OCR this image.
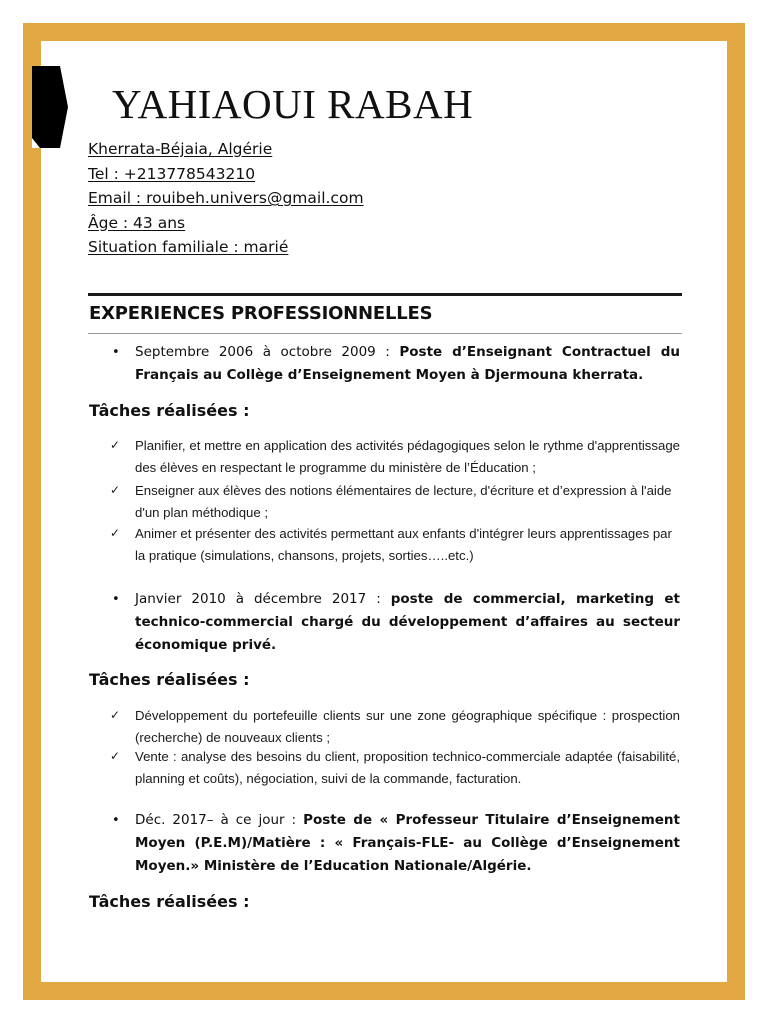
YAHIAOUI RABAH
Kherrata-Béjaia, Algérie
Tel : +213778543210
Email : rouibeh.univers@gmail.com
Âge : 43 ans
Situation familiale : marié
EXPERIENCES PROFESSIONNELLES
• Septembre 2006 à octobre 2009 : Poste d’Enseignant Contractuel du Français au Collège d’Enseignement Moyen à Djermouna kherrata.
Tâches réalisées :
✓ Planifier, et mettre en application des activités pédagogiques selon le rythme d'apprentissage des élèves en respectant le programme du ministère de l’Éducation ;
✓ Enseigner aux élèves des notions élémentaires de lecture, d'écriture et d’expression à l'aide d'un plan méthodique ;
✓ Animer et présenter des activités permettant aux enfants d'intégrer leurs apprentissages par la pratique (simulations, chansons, projets, sorties…..etc.)
• Janvier 2010 à décembre 2017 : poste de commercial, marketing et technico-commercial chargé du développement d’affaires au secteur économique privé.
Tâches réalisées :
✓ Développement du portefeuille clients sur une zone géographique spécifique : prospection (recherche) de nouveaux clients ;
✓ Vente : analyse des besoins du client, proposition technico-commerciale adaptée (faisabilité, planning et coûts), négociation, suivi de la commande, facturation.
• Déc. 2017– à ce jour : Poste de « Professeur Titulaire d’Enseignement Moyen (P.E.M)/Matière : « Français-FLE- au Collège d’Enseignement Moyen.» Ministère de l’Education Nationale/Algérie.
Tâches réalisées :
